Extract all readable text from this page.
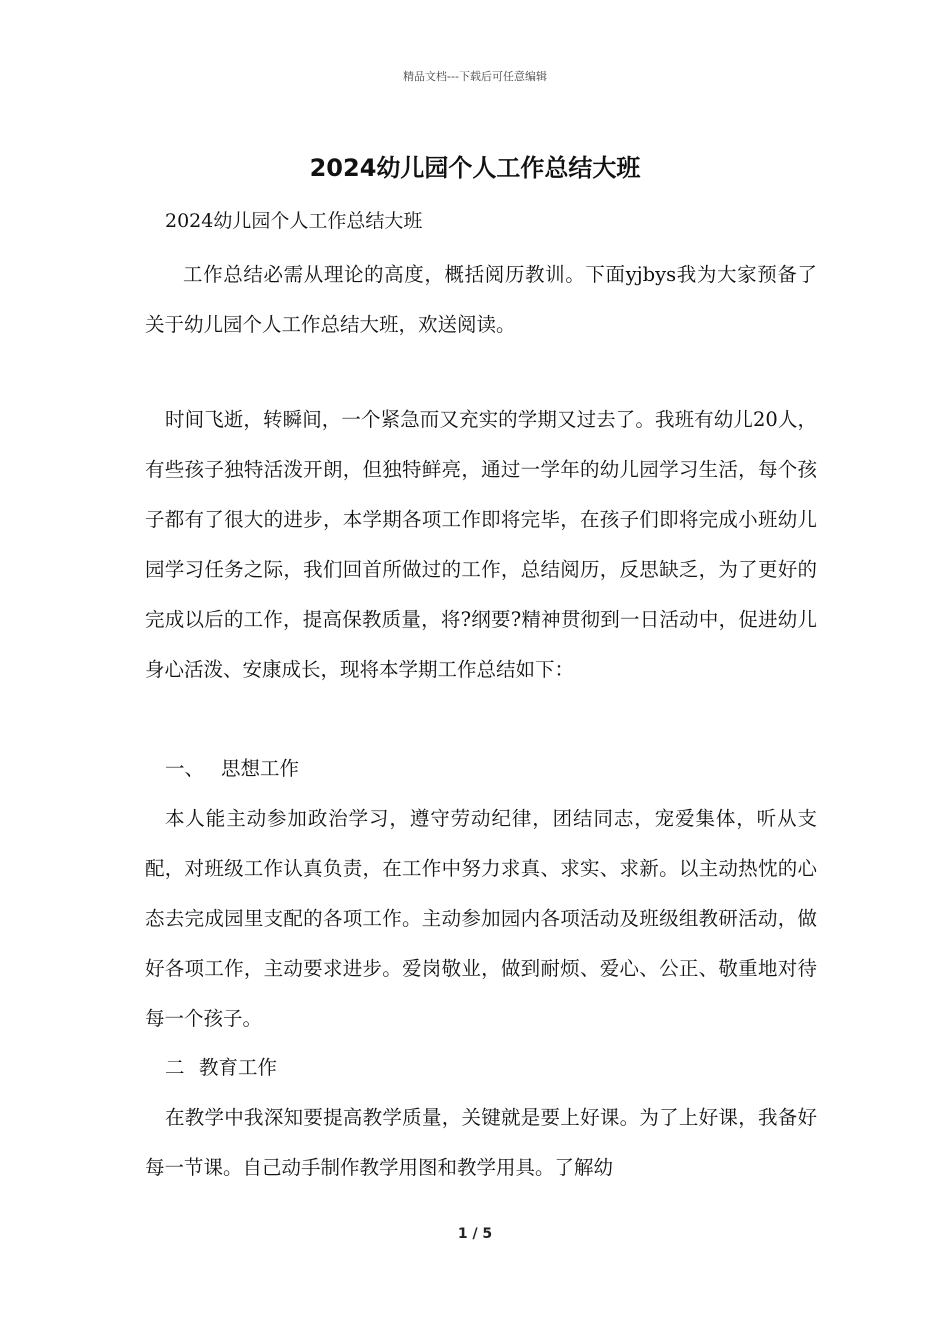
精品文档---下载后可任意编辑
2024幼儿园个人工作总结大班
2024幼儿园个人工作总结大班

工作总结必需从理论的高度，概括阅历教训。下面yjbys我为大家预备了关于幼儿园个人工作总结大班，欢送阅读。

时间飞逝，转瞬间，一个紧急而又充实的学期又过去了。我班有幼儿20人，有些孩子独特活泼开朗，但独特鲜亮，通过一学年的幼儿园学习生活，每个孩子都有了很大的进步，本学期各项工作即将完毕，在孩子们即将完成小班幼儿园学习任务之际，我们回首所做过的工作，总结阅历，反思缺乏，为了更好的完成以后的工作，提高保教质量，将?纲要?精神贯彻到一日活动中，促进幼儿身心活泼、安康成长，现将本学期工作总结如下：

一、 思想工作

本人能主动参加政治学习，遵守劳动纪律，团结同志，宠爱集体，听从支配，对班级工作认真负责，在工作中努力求真、求实、求新。以主动热忱的心态去完成园里支配的各项工作。主动参加园内各项活动及班级组教研活动，做好各项工作，主动要求进步。爱岗敬业，做到耐烦、爱心、公正、敬重地对待每一个孩子。

二 教育工作

在教学中我深知要提高教学质量，关键就是要上好课。为了上好课，我备好每一节课。自己动手制作教学用图和教学用具。了解幼

1 / 5
